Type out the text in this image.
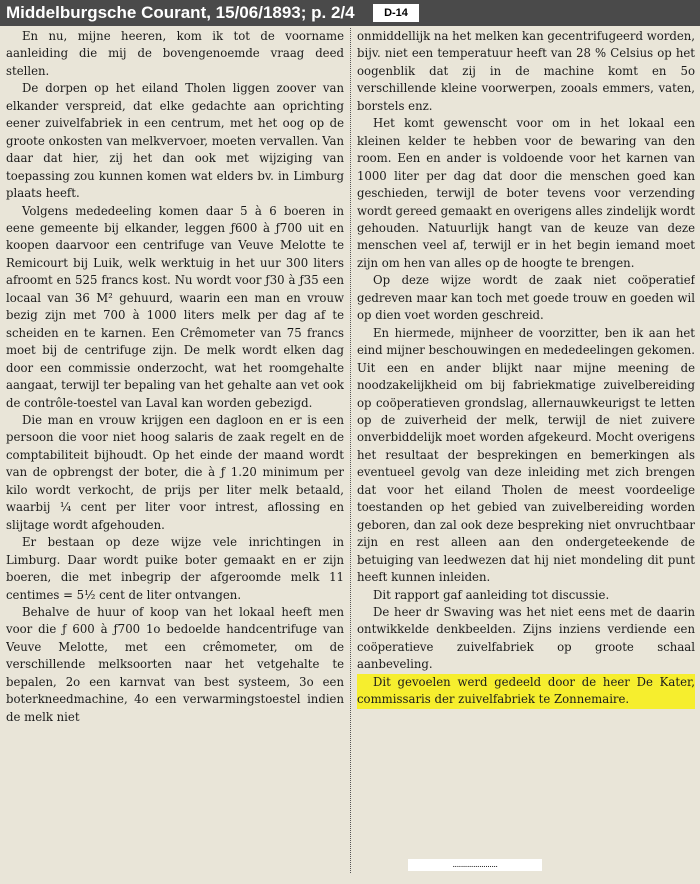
Middelburgsche Courant, 15/06/1893; p. 2/4	D-14

En nu, mijne heeren, kom ik tot de voorname aanleiding die mij de bovengenoemde vraag deed stellen.

De dorpen op het eiland Tholen liggen zoover van elkander verspreid, dat elke gedachte aan oprichting eener zuivelfabriek in een centrum, met het oog op de groote onkosten van melkvervoer, moeten vervallen. Van daar dat hier, zij het dan ook met wijziging van toepassing zou kunnen komen wat elders bv. in Limburg plaats heeft.

Volgens mededeeling komen daar 5 à 6 boeren in eene gemeente bij elkander, leggen ƒ600 à ƒ700 uit en koopen daarvoor een centrifuge van Veuve Melotte te Remicourt bij Luik, welk werktuig in het uur 300 liters afroomt en 525 francs kost. Nu wordt voor ƒ30 à ƒ35 een locaal van 36 M² gehuurd, waarin een man en vrouw bezig zijn met 700 à 1000 liters melk per dag af te scheiden en te karnen. Een Crêmometer van 75 francs moet bij de centrifuge zijn. De melk wordt elken dag door een commissie onderzocht, wat het roomgehalte aangaat, terwijl ter bepaling van het gehalte aan vet ook de contrôle-toestel van Laval kan worden gebezigd.

Die man en vrouw krijgen een dagloon en er is een persoon die voor niet hoog salaris de zaak regelt en de comptabiliteit bijhoudt. Op het einde der maand wordt van de opbrengst der boter, die à ƒ 1.20 minimum per kilo wordt verkocht, de prijs per liter melk betaald, waarbij ¼ cent per liter voor intrest, aflossing en slijtage wordt afgehouden.

Er bestaan op deze wijze vele inrichtingen in Limburg. Daar wordt puike boter gemaakt en er zijn boeren, die met inbegrip der afgeroomde melk 11 centimes = 5½ cent de liter ontvangen.

Behalve de huur of koop van het lokaal heeft men voor die ƒ 600 à ƒ700 1o bedoelde handcentrifuge van Veuve Melotte, met een crêmometer, om de verschillende melksoorten naar het vetgehalte te bepalen, 2o een karnvat van best systeem, 3o een boterkneedmachine, 4o een verwarmingstoestel indien de melk niet

onmiddellijk na het melken kan gecentrifugeerd worden, bijv. niet een temperatuur heeft van 28 % Celsius op het oogenblik dat zij in de machine komt en 5o verschillende kleine voorwerpen, zooals emmers, vaten, borstels enz.

Het komt gewenscht voor om in het lokaal een kleinen kelder te hebben voor de bewaring van den room. Een en ander is voldoende voor het karnen van 1000 liter per dag dat door die menschen goed kan geschieden, terwijl de boter tevens voor verzending wordt gereed gemaakt en overigens alles zindelijk wordt gehouden. Natuurlijk hangt van de keuze van deze menschen veel af, terwijl er in het begin iemand moet zijn om hen van alles op de hoogte te brengen.

Op deze wijze wordt de zaak niet coöperatief gedreven maar kan toch met goede trouw en goeden wil op dien voet worden geschreid.

En hiermede, mijnheer de voorzitter, ben ik aan het eind mijner beschouwingen en mededeelingen gekomen. Uit een en ander blijkt naar mijne meening de noodzakelijkheid om bij fabriekmatige zuivelbereiding op coöperatieven grondslag, allernauwkeurigst te letten op de zuiverheid der melk, terwijl de niet zuivere onverbiddelijk moet worden afgekeurd. Mocht overigens het resultaat der besprekingen en bemerkingen als eventueel gevolg van deze inleiding met zich brengen dat voor het eiland Tholen de meest voordeelige toestanden op het gebied van zuivelbereiding worden geboren, dan zal ook deze bespreking niet onvruchtbaar zijn en rest alleen aan den ondergeteekende de betuiging van leedwezen dat hij niet mondeling dit punt heeft kunnen inleiden.

Dit rapport gaf aanleiding tot discussie.

De heer dr Swaving was het niet eens met de daarin ontwikkelde denkbeelden. Zijns inziens verdiende een coöperatieve zuivelfabriek op groote schaal aanbeveling.

Dit gevoelen werd gedeeld door de heer De Kater, commissaris der zuivelfabriek te Zonnemaire.

......................
